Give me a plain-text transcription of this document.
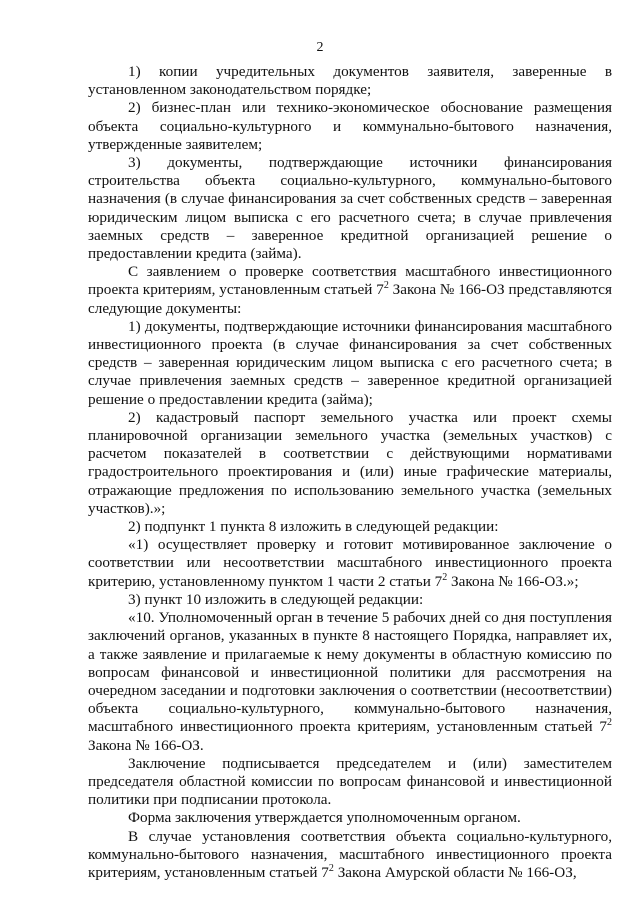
2

1) копии учредительных документов заявителя, заверенные в установленном законодательством порядке;

2) бизнес-план или технико-экономическое обоснование размещения объекта социально-культурного и коммунально-бытового назначения, утвержденные заявителем;

3) документы, подтверждающие источники финансирования строительства объекта социально-культурного, коммунально-бытового назначения (в случае финансирования за счет собственных средств – заверенная юридическим лицом выписка с его расчетного счета; в случае привлечения заемных средств – заверенное кредитной организацией решение о предоставлении кредита (займа).

С заявлением о проверке соответствия масштабного инвестиционного проекта критериям, установленным статьей $7^2$ Закона № 166-ОЗ представляются следующие документы:

1) документы, подтверждающие источники финансирования масштабного инвестиционного проекта (в случае финансирования за счет собственных средств – заверенная юридическим лицом выписка с его расчетного счета; в случае привлечения заемных средств – заверенное кредитной организацией решение о предоставлении кредита (займа);

2) кадастровый паспорт земельного участка или проект схемы планировочной организации земельного участка (земельных участков) с расчетом показателей в соответствии с действующими нормативами градостроительного проектирования и (или) иные графические материалы, отражающие предложения по использованию земельного участка (земельных участков).»;

2) подпункт 1 пункта 8 изложить в следующей редакции:

«1) осуществляет проверку и готовит мотивированное заключение о соответствии или несоответствии масштабного инвестиционного проекта критерию, установленному пунктом 1 части 2 статьи $7^2$ Закона № 166-ОЗ.»;

3) пункт 10 изложить в следующей редакции:

«10. Уполномоченный орган в течение 5 рабочих дней со дня поступления заключений органов, указанных в пункте 8 настоящего Порядка, направляет их, а также заявление и прилагаемые к нему документы в областную комиссию по вопросам финансовой и инвестиционной политики для рассмотрения на очередном заседании и подготовки заключения о соответствии (несоответствии) объекта социально-культурного, коммунально-бытового назначения, масштабного инвестиционного проекта критериям, установленным статьей $7^2$ Закона № 166-ОЗ.

Заключение подписывается председателем и (или) заместителем председателя областной комиссии по вопросам финансовой и инвестиционной политики при подписании протокола.

Форма заключения утверждается уполномоченным органом.

В случае установления соответствия объекта социально-культурного, коммунально-бытового назначения, масштабного инвестиционного проекта критериям, установленным статьей $7^2$ Закона Амурской области № 166-ОЗ,
